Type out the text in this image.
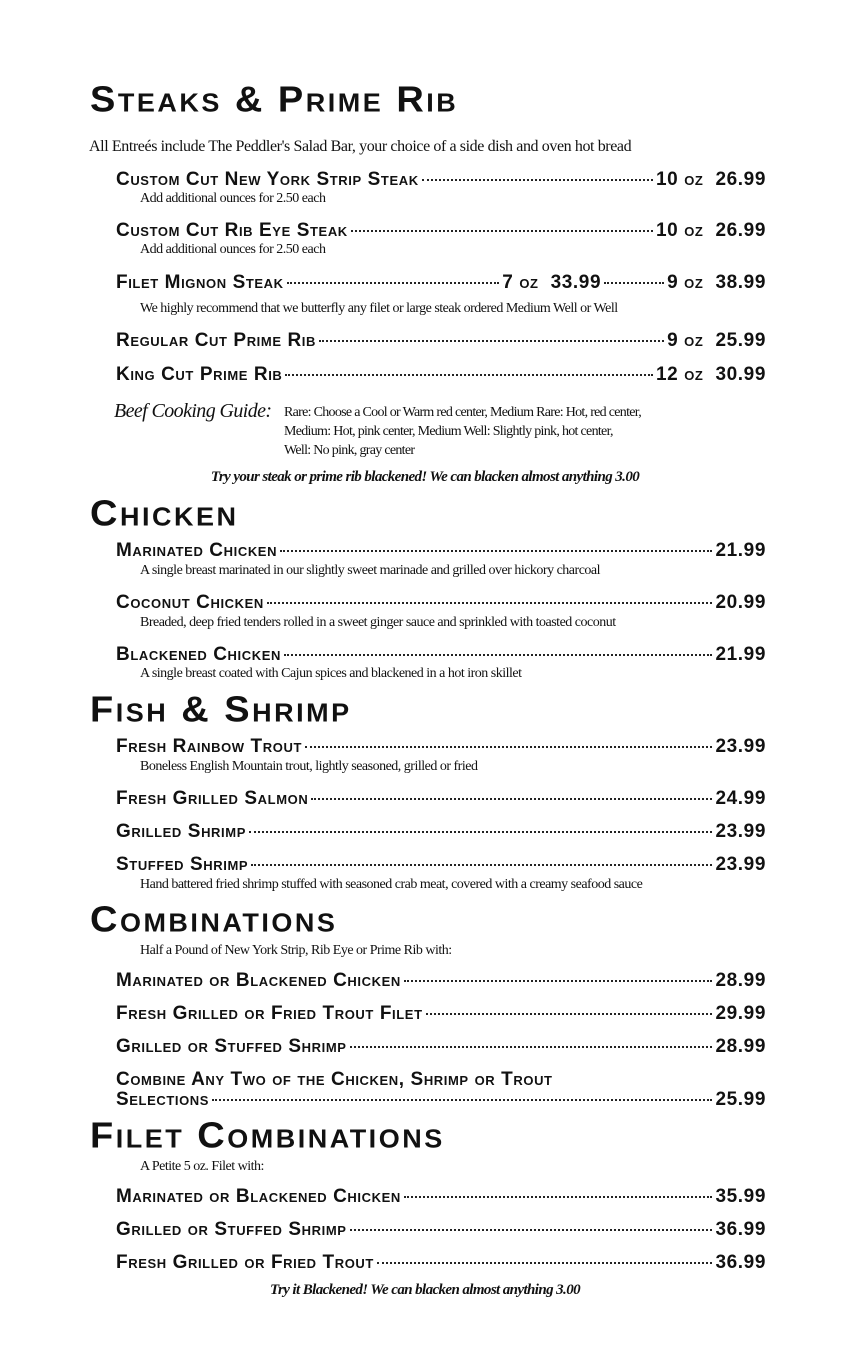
Steaks & Prime Rib
All Entreés include The Peddler's Salad Bar, your choice of a side dish and oven hot bread
Custom Cut New York Strip Steak	10 oz 26.99
Add additional ounces for 2.50 each
Custom Cut Rib Eye Steak	10 oz 26.99
Add additional ounces for 2.50 each
Filet Mignon Steak	7 oz 33.99	9 oz 38.99
We highly recommend that we butterfly any filet or large steak ordered Medium Well or Well
Regular Cut Prime Rib	9 oz 25.99
King Cut Prime Rib	12 oz 30.99
Beef Cooking Guide: Rare: Choose a Cool or Warm red center, Medium Rare: Hot, red center,
Medium: Hot, pink center, Medium Well: Slightly pink, hot center,
Well: No pink, gray center
Try your steak or prime rib blackened! We can blacken almost anything 3.00
Chicken
Marinated Chicken	21.99
A single breast marinated in our slightly sweet marinade and grilled over hickory charcoal
Coconut Chicken	20.99
Breaded, deep fried tenders rolled in a sweet ginger sauce and sprinkled with toasted coconut
Blackened Chicken	21.99
A single breast coated with Cajun spices and blackened in a hot iron skillet
Fish & Shrimp
Fresh Rainbow Trout	23.99
Boneless English Mountain trout, lightly seasoned, grilled or fried
Fresh Grilled Salmon	24.99
Grilled Shrimp	23.99
Stuffed Shrimp	23.99
Hand battered fried shrimp stuffed with seasoned crab meat, covered with a creamy seafood sauce
Combinations
Half a Pound of New York Strip, Rib Eye or Prime Rib with:
Marinated or Blackened Chicken	28.99
Fresh Grilled or Fried Trout Filet	29.99
Grilled or Stuffed Shrimp	28.99
Combine Any Two of the Chicken, Shrimp or Trout
Selections	25.99
Filet Combinations
A Petite 5 oz. Filet with:
Marinated or Blackened Chicken	35.99
Grilled or Stuffed Shrimp	36.99
Fresh Grilled or Fried Trout	36.99
Try it Blackened! We can blacken almost anything 3.00
